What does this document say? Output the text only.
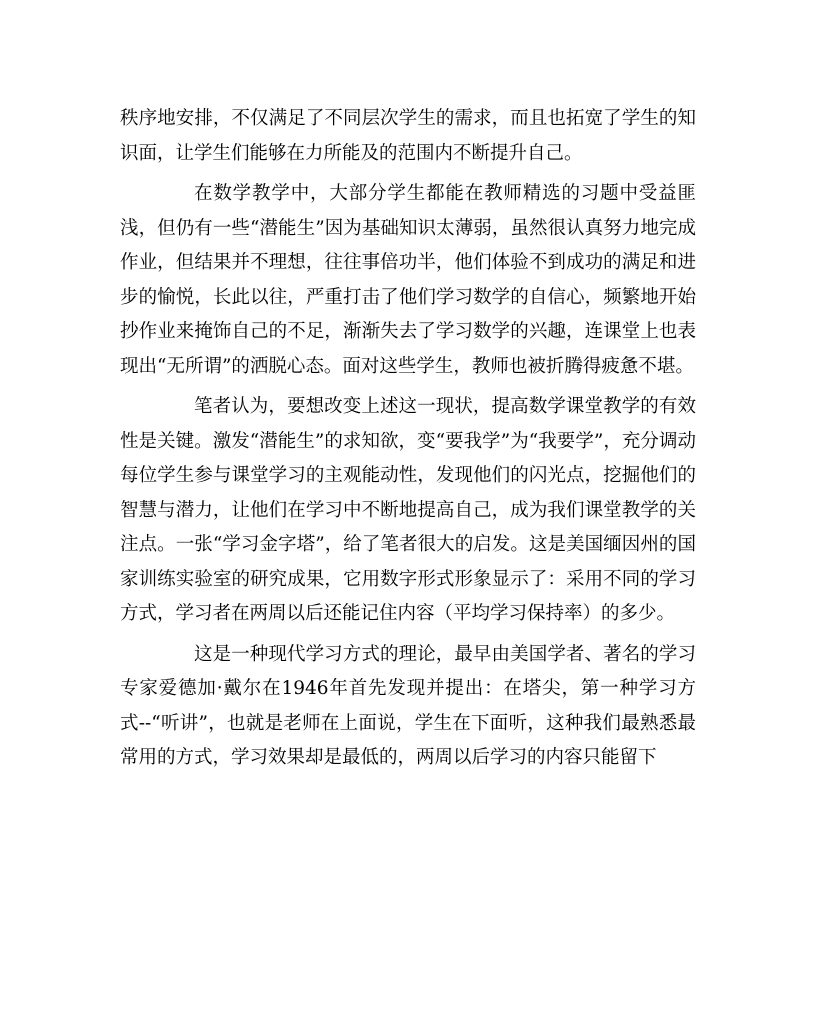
秩序地安排，不仅满足了不同层次学生的需求，而且也拓宽了学生的知识面，让学生们能够在力所能及的范围内不断提升自己。

在数学教学中，大部分学生都能在教师精选的习题中受益匪浅，但仍有一些“潜能生”因为基础知识太薄弱，虽然很认真努力地完成作业，但结果并不理想，往往事倍功半，他们体验不到成功的满足和进步的愉悦，长此以往，严重打击了他们学习数学的自信心，频繁地开始抄作业来掩饰自己的不足，渐渐失去了学习数学的兴趣，连课堂上也表现出“无所谓”的洒脱心态。面对这些学生，教师也被折腾得疲惫不堪。

笔者认为，要想改变上述这一现状，提高数学课堂教学的有效性是关键。激发“潜能生”的求知欲，变“要我学”为“我要学”，充分调动每位学生参与课堂学习的主观能动性，发现他们的闪光点，挖掘他们的智慧与潜力，让他们在学习中不断地提高自己，成为我们课堂教学的关注点。一张“学习金字塔”，给了笔者很大的启发。这是美国缅因州的国家训练实验室的研究成果，它用数字形式形象显示了：采用不同的学习方式，学习者在两周以后还能记住内容（平均学习保持率）的多少。

这是一种现代学习方式的理论，最早由美国学者、著名的学习专家爱德加·戴尔在1946年首先发现并提出：在塔尖，第一种学习方式--“听讲”，也就是老师在上面说，学生在下面听，这种我们最熟悉最常用的方式，学习效果却是最低的，两周以后学习的内容只能留下
